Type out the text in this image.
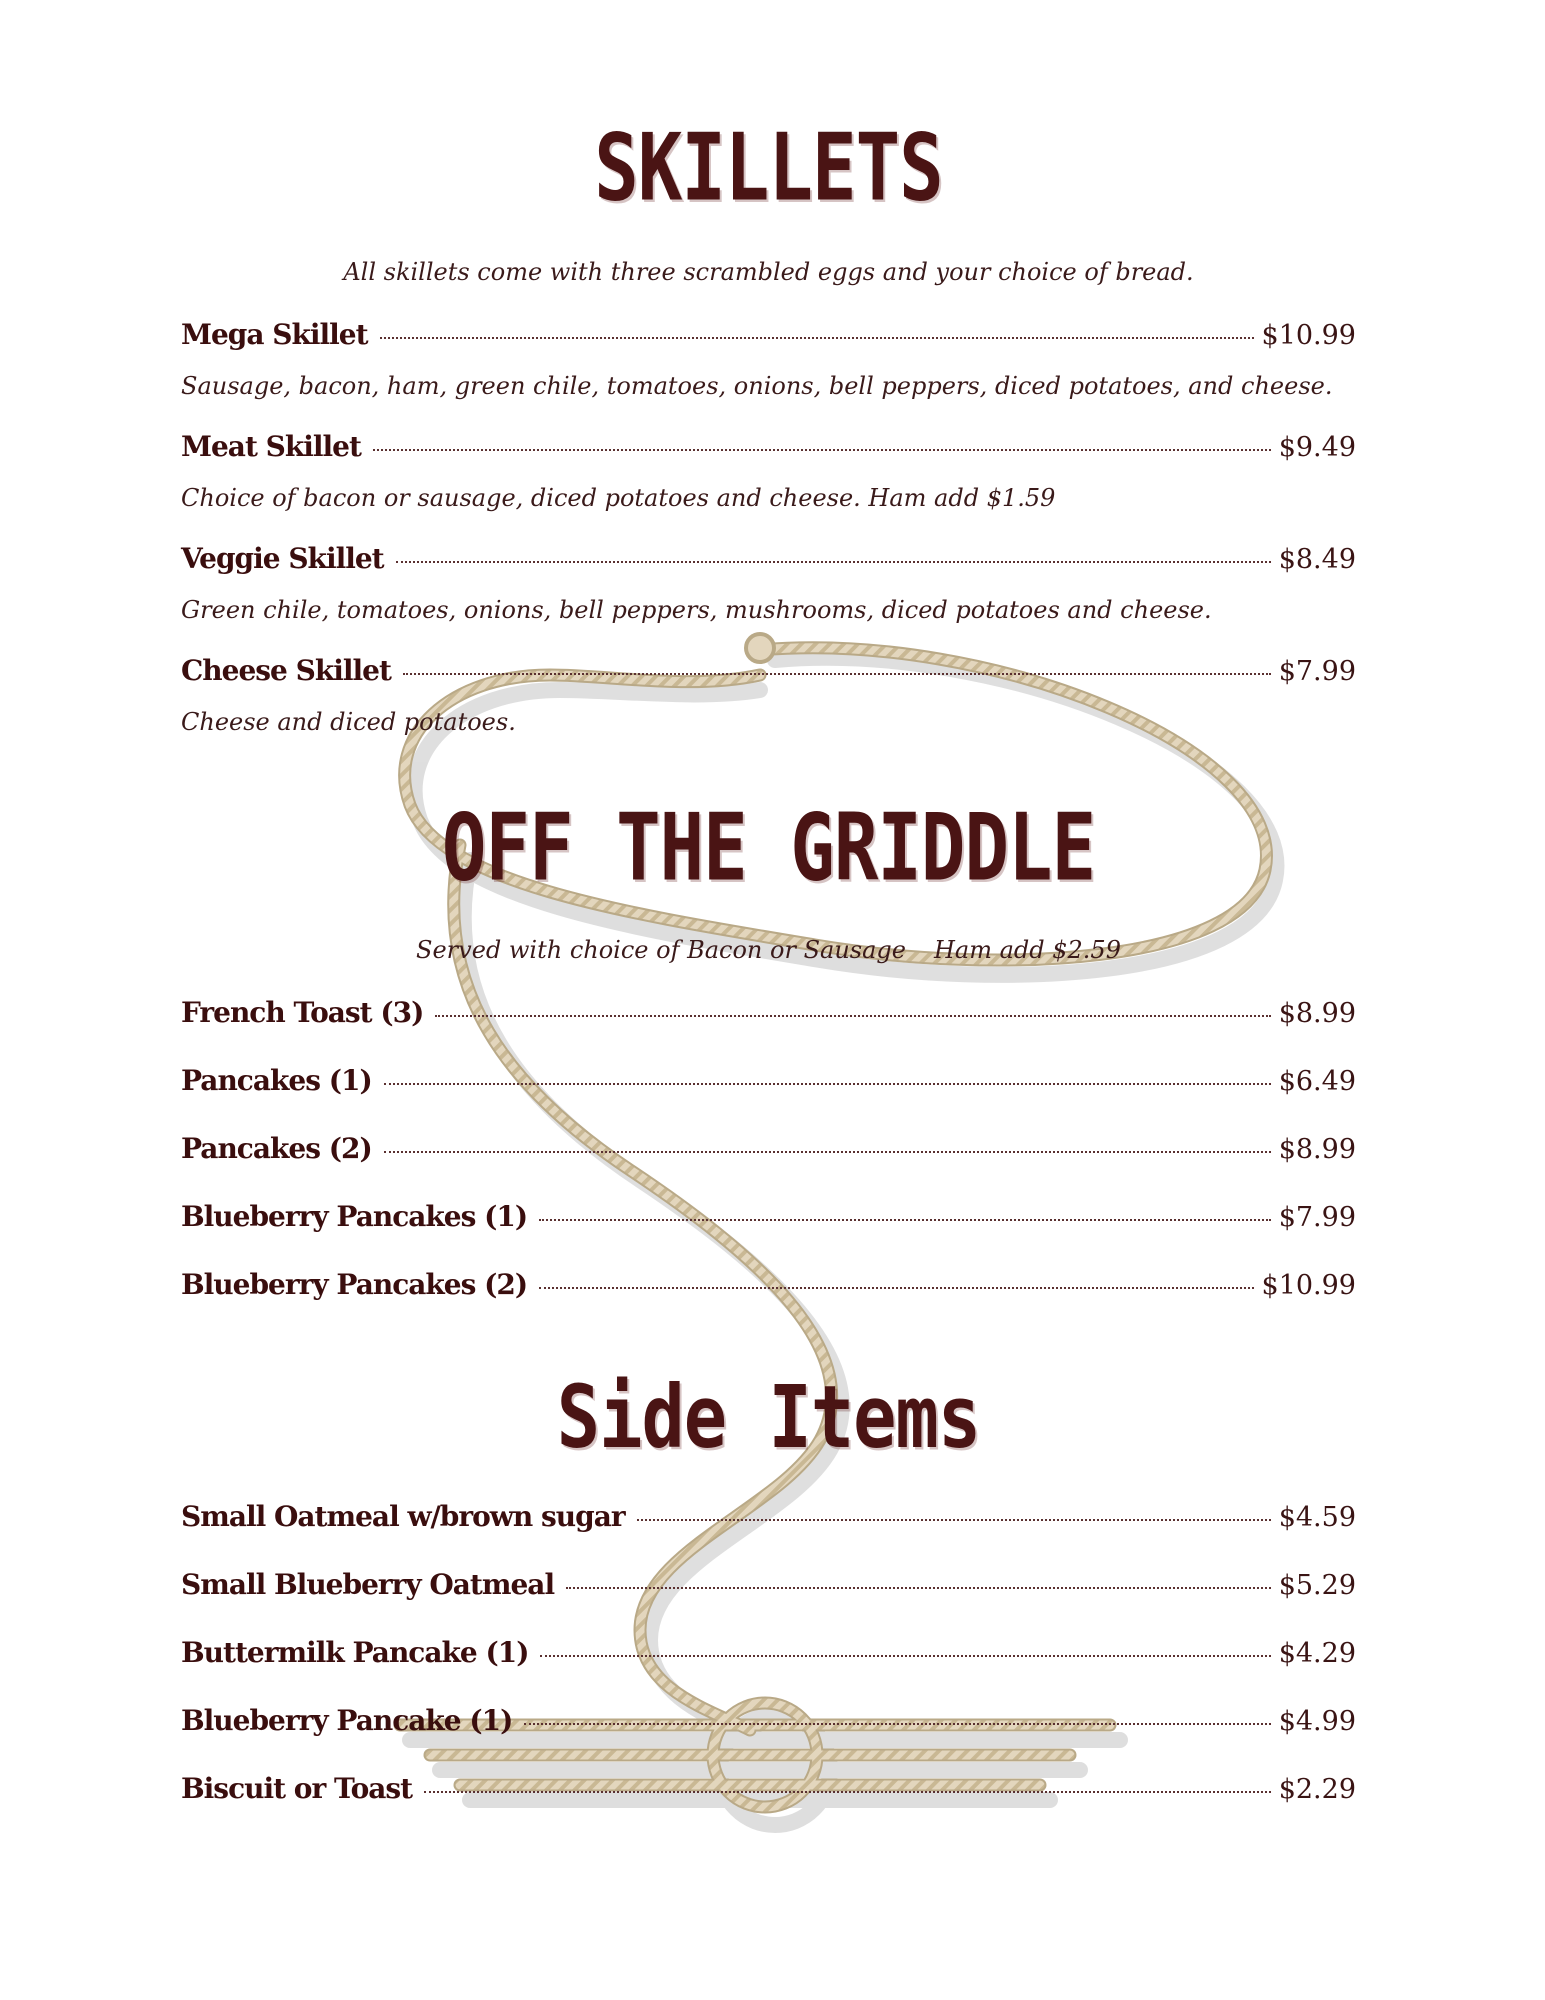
SKILLETS
All skillets come with three scrambled eggs and your choice of bread.
Mega Skillet	$10.99
Sausage, bacon, ham, green chile, tomatoes, onions, bell peppers, diced potatoes, and cheese.
Meat Skillet	$9.49
Choice of bacon or sausage, diced potatoes and cheese. Ham add $1.59
Veggie Skillet	$8.49
Green chile, tomatoes, onions, bell peppers, mushrooms, diced potatoes and cheese.
Cheese Skillet	$7.99
Cheese and diced potatoes.
OFF THE GRIDDLE
Served with choice of Bacon or Sausage Ham add $2.59
French Toast (3)	$8.99
Pancakes (1)	$6.49
Pancakes (2)	$8.99
Blueberry Pancakes (1)	$7.99
Blueberry Pancakes (2)	$10.99
Side Items
Small Oatmeal w/brown sugar	$4.59
Small Blueberry Oatmeal	$5.29
Buttermilk Pancake (1)	$4.29
Blueberry Pancake (1)	$4.99
Biscuit or Toast	$2.29
